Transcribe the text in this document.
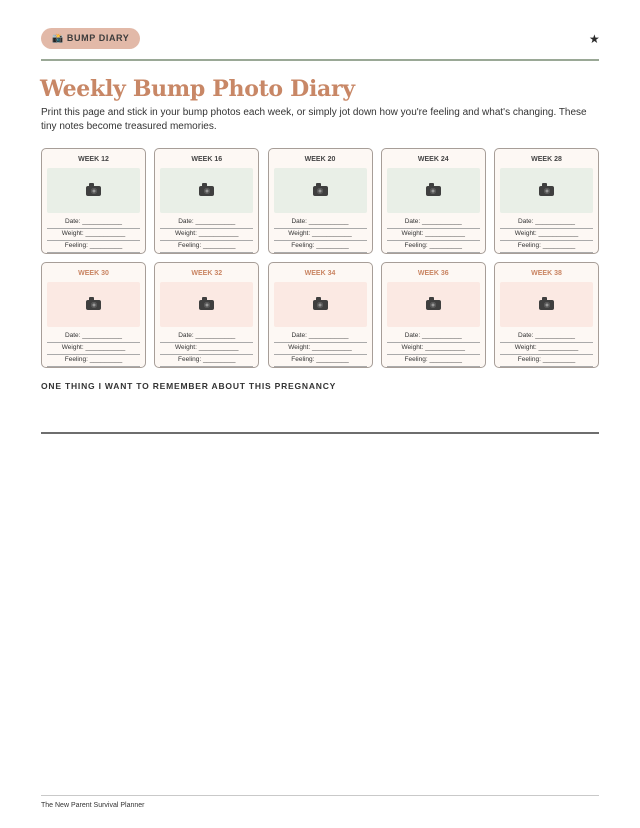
📸 BUMP DIARY	★
Weekly Bump Photo Diary

Print this page and stick in your bump photos each week, or simply jot down how you're feeling and what's changing. These tiny notes become treasured memories.

WEEK 12
Date: ___________
Weight: ___________
Feeling: _________
WEEK 16
Date: ___________
Weight: ___________
Feeling: _________
WEEK 20
Date: ___________
Weight: ___________
Feeling: _________
WEEK 24
Date: ___________
Weight: ___________
Feeling: _________
WEEK 28
Date: ___________
Weight: ___________
Feeling: _________
WEEK 30
Date: ___________
Weight: ___________
Feeling: _________
WEEK 32
Date: ___________
Weight: ___________
Feeling: _________
WEEK 34
Date: ___________
Weight: ___________
Feeling: _________
WEEK 36
Date: ___________
Weight: ___________
Feeling: _________
WEEK 38
Date: ___________
Weight: ___________
Feeling: _________

ONE THING I WANT TO REMEMBER ABOUT THIS PREGNANCY

The New Parent Survival Planner
